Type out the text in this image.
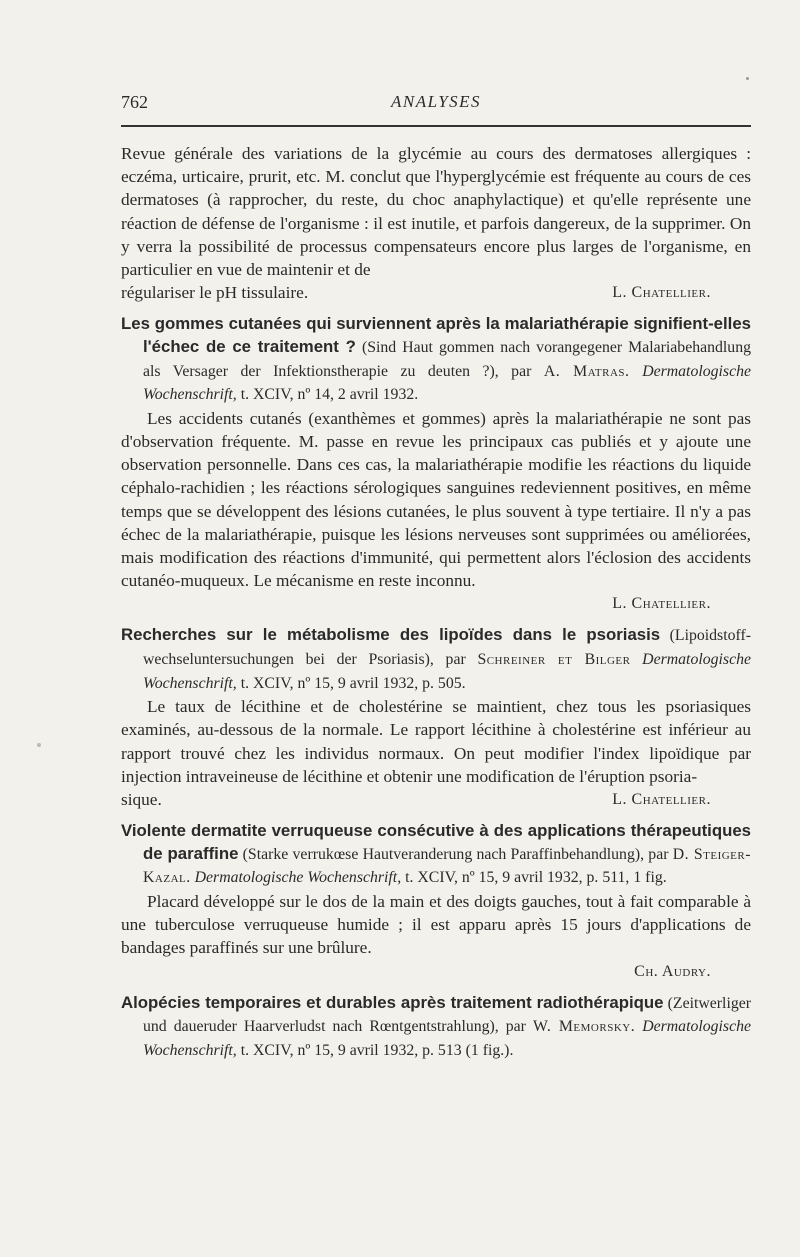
762	ANALYSES

Revue générale des variations de la glycémie au cours des dermatoses allergiques : eczéma, urticaire, prurit, etc. M. conclut que l'hyperglycémie est fréquente au cours de ces dermatoses (à rapprocher, du reste, du choc anaphylactique) et qu'elle représente une réaction de défense de l'organisme : il est inutile, et parfois dangereux, de la supprimer. On y verra la possibilité de processus compensateurs encore plus larges de l'organisme, en particulier en vue de maintenir et de

régulariser le pH tissulaire.	L. Chatellier.

Les gommes cutanées qui surviennent après la malariathérapie signifient-elles l'échec de ce traitement ? (Sind Haut gommen nach vorangegener Malariabehandlung als Versager der Infektionstherapie zu deuten ?), par A. Matras. Dermatologische Wochenschrift, t. XCIV, nº 14, 2 avril 1932.

Les accidents cutanés (exanthèmes et gommes) après la malariathérapie ne sont pas d'observation fréquente. M. passe en revue les principaux cas publiés et y ajoute une observation personnelle. Dans ces cas, la malariathérapie modifie les réactions du liquide céphalo-rachidien ; les réactions sérologiques sanguines redeviennent positives, en même temps que se développent des lésions cutanées, le plus souvent à type tertiaire. Il n'y a pas échec de la malariathérapie, puisque les lésions nerveuses sont supprimées ou améliorées, mais modification des réactions d'immunité, qui permettent alors l'éclosion des accidents cutanéo-muqueux. Le mécanisme en reste inconnu.

L. Chatellier.

Recherches sur le métabolisme des lipoïdes dans le psoriasis (Lipoidstoff-wechseluntersuchungen bei der Psoriasis), par Schreiner et Bilger Dermatologische Wochenschrift, t. XCIV, nº 15, 9 avril 1932, p. 505.

Le taux de lécithine et de cholestérine se maintient, chez tous les psoriasiques examinés, au-dessous de la normale. Le rapport lécithine à cholestérine est inférieur au rapport trouvé chez les individus normaux. On peut modifier l'index lipoïdique par injection intraveineuse de lécithine et obtenir une modification de l'éruption psoria-

sique.	L. Chatellier.

Violente dermatite verruqueuse consécutive à des applications thérapeutiques de paraffine (Starke verrukœse Hautveranderung nach Paraffinbehandlung), par D. Steiger-Kazal. Dermatologische Wochenschrift, t. XCIV, nº 15, 9 avril 1932, p. 511, 1 fig.

Placard développé sur le dos de la main et des doigts gauches, tout à fait comparable à une tuberculose verruqueuse humide ; il est apparu après 15 jours d'applications de bandages paraffinés sur une brûlure.

Ch. Audry.

Alopécies temporaires et durables après traitement radiothérapique (Zeitwerliger und daueruder Haarverludst nach Rœntgentstrahlung), par W. Memorsky. Dermatologische Wochenschrift, t. XCIV, nº 15, 9 avril 1932, p. 513 (1 fig.).
